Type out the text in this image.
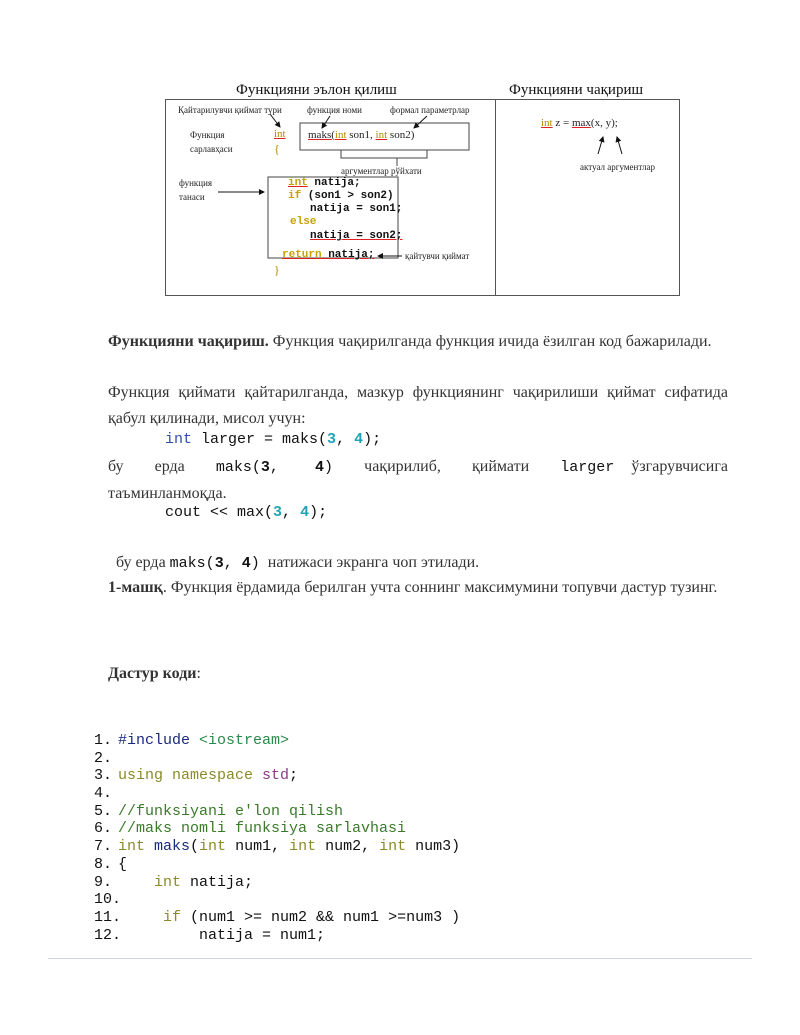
Функцияни эълон қилиш	Функцияни чақириш
Қайтарилувчи қиймат тури	функция номи	формал параметрлар
Функция
сарлавҳаси
аргументлар рўйхати
функция
танаси
қайтувчи қиймат
актуал аргументлар
int
{
maks(int son1, int son2)
int natija;
if (son1 > son2)
natija = son1;
else
natija = son2;
return natija;
}
int z = max(x, y);
Функцияни чақириш. Функция чақирилганда функция ичида ёзилган код бажарилади.
Функция қиймати қайтарилганда, мазкур функциянинг чақирилиши қиймат сифатида қабул қилинади, мисол учун:
int larger = maks(3, 4);
бу ерда maks(3, 4) чақирилиб, қиймати larger ўзгарувчисига таъминланмоқда.
cout << max(3, 4);

бу ерда maks(3, 4)  натижаси экранга чоп этилади.

1-машқ. Функция ёрдамида берилган учта соннинг максимумини топувчи дастур тузинг.
Дастур коди:
1. #include <iostream>
2.
3. using namespace std;
4.
5. //funksiyani e'lon qilish
6. //maks nomli funksiya sarlavhasi
7. int maks(int num1, int num2, int num3)
8. {
9.	int natija;
10.
11.	if (num1 >= num2 && num1 >=num3 )
12.	natija = num1;
